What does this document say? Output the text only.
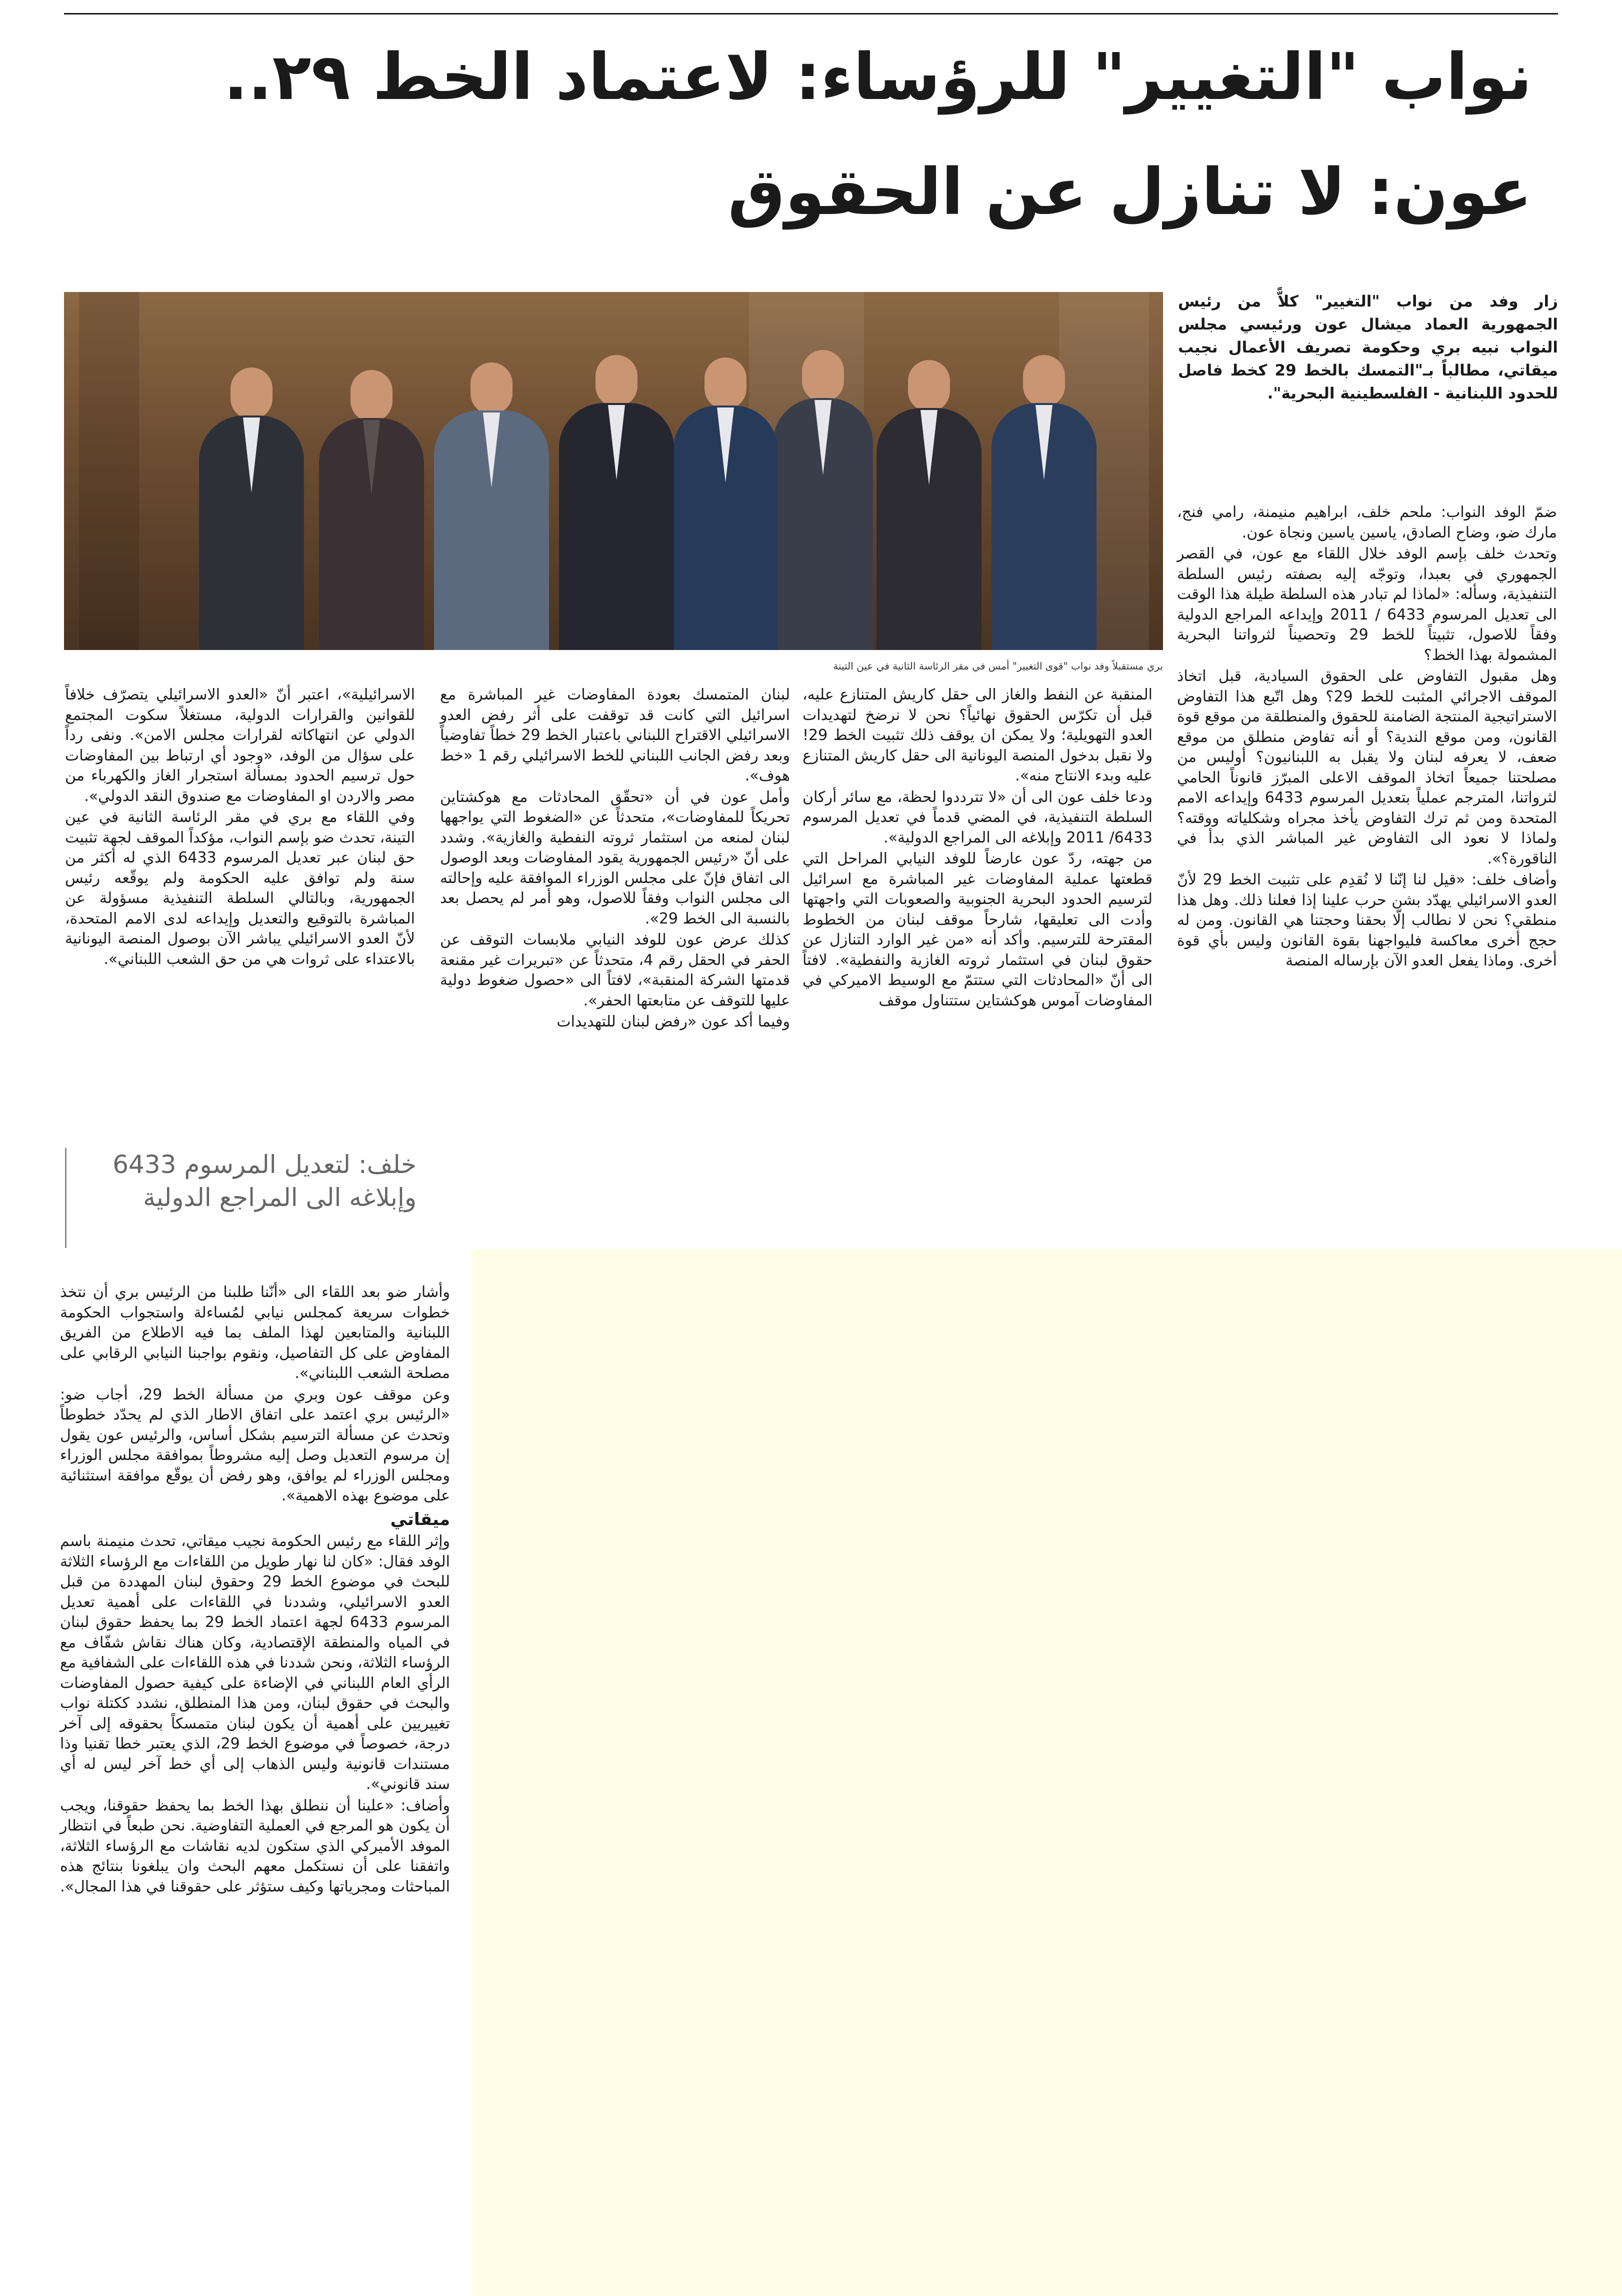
نواب "التغيير" للرؤساء: لاعتماد الخط ٢٩..
عون: لا تنازل عن الحقوق
زار وفد من نواب "التغيير" كلاًّ من رئيس الجمهورية العماد ميشال عون ورئيسي مجلس النواب نبيه بري وحكومة تصريف الأعمال نجيب ميقاتي، مطالباً بـ"التمسك بالخط 29 كخط فاصل للحدود اللبنانية - الفلسطينية البحرية".
بري مستقبلاً وفد نواب "قوى التغيير" أمس في مقر الرئاسة الثانية في عين التينة

ضمّ الوفد النواب: ملحم خلف، ابراهيم منيمنة، رامي فنج، مارك ضو، وضاح الصادق، ياسين ياسين ونجاة عون.

وتحدث خلف بإسم الوفد خلال اللقاء مع عون، في القصر الجمهوري في بعبدا، وتوجّه إليه بصفته رئيس السلطة التنفيذية، وسأله: «لماذا لم تبادر هذه السلطة طيلة هذا الوقت الى تعديل المرسوم 6433 / 2011 وإيداعه المراجع الدولية وفقاً للاصول، تثبيتاً للخط 29 وتحصيناً لثرواتنا البحرية المشمولة بهذا الخط؟

وهل مقبول التفاوض على الحقوق السيادية، قبل اتخاذ الموقف الاجرائي المثبت للخط 29؟ وهل اتّبع هذا التفاوض الاستراتيجية المنتجة الضامنة للحقوق والمنطلقة من موقع قوة القانون، ومن موقع الندية؟ أو أنه تفاوض منطلق من موقع ضعف، لا يعرفه لبنان ولا يقبل به اللبنانيون؟ أوليس من مصلحتنا جميعاً اتخاذ الموقف الاعلى المبرّز قانوناً الحامي لثرواتنا، المترجم عملياً بتعديل المرسوم 6433 وإيداعه الامم المتحدة ومن ثم ترك التفاوض يأخذ مجراه وشكلياته ووقته؟ ولماذا لا نعود الى التفاوض غير المباشر الذي بدأ في الناقورة؟».

وأضاف خلف: «قيل لنا إنّنا لا نُقدِم على تثبيت الخط 29 لأنّ العدو الاسرائيلي يهدّد بشن حرب علينا إذا فعلنا ذلك. وهل هذا منطقي؟ نحن لا نطالب إلّا بحقنا وحجتنا هي القانون. ومن له حجج أخرى معاكسة فليواجهنا بقوة القانون وليس بأي قوة أخرى. وماذا يفعل العدو الآن بإرساله المنصة

المنقبة عن النفط والغاز الى حقل كاريش المتنازع عليه، قبل أن تكرّس الحقوق نهائياً؟ نحن لا نرضخ لتهديدات العدو التهويلية؛ ولا يمكن ان يوقف ذلك تثبيت الخط 29! ولا نقبل بدخول المنصة اليونانية الى حقل كاريش المتنازع عليه وبدء الانتاج منه».

ودعا خلف عون الى أن «لا تترددوا لحظة، مع سائر أركان السلطة التنفيذية، في المضي قدماً في تعديل المرسوم 6433/ 2011 وإبلاغه الى المراجع الدولية».

من جهته، ردّ عون عارضاً للوفد النيابي المراحل التي قطعتها عملية المفاوضات غير المباشرة مع اسرائيل لترسيم الحدود البحرية الجنوبية والصعوبات التي واجهتها وأدت الى تعليقها، شارحاً موقف لبنان من الخطوط المقترحة للترسيم. وأكد أنه «من غير الوارد التنازل عن حقوق لبنان في استثمار ثروته الغازية والنفطية». لافتاً الى أنّ «المحادثات التي ستتمّ مع الوسيط الاميركي في المفاوضات آموس هوكشتاين ستتناول موقف

لبنان المتمسك بعودة المفاوضات غير المباشرة مع اسرائيل التي كانت قد توقفت على أثر رفض العدو الاسرائيلي الاقتراح اللبناني باعتبار الخط 29 خطاً تفاوضياً وبعد رفض الجانب اللبناني للخط الاسرائيلي رقم 1 «خط هوف».

وأمل عون في أن «تحقّق المحادثات مع هوكشتاين تحريكاً للمفاوضات»، متحدثاً عن «الضغوط التي يواجهها لبنان لمنعه من استثمار ثروته النفطية والغازية». وشدد على أنّ «رئيس الجمهورية يقود المفاوضات وبعد الوصول الى اتفاق فإنّ على مجلس الوزراء الموافقة عليه وإحالته الى مجلس النواب وفقاً للاصول، وهو أمر لم يحصل بعد بالنسبة الى الخط 29».

كذلك عرض عون للوفد النيابي ملابسات التوقف عن الحفر في الحقل رقم 4، متحدثاً عن «تبريرات غير مقنعة قدمتها الشركة المنقبة»، لافتاً الى «حصول ضغوط دولية عليها للتوقف عن متابعتها الحفر».

وفيما أكد عون «رفض لبنان للتهديدات

الاسرائيلية»، اعتبر أنّ «العدو الاسرائيلي يتصرّف خلافاً للقوانين والقرارات الدولية، مستغلاً سكوت المجتمع الدولي عن انتهاكاته لقرارات مجلس الامن». ونفى رداً على سؤال من الوفد، «وجود أي ارتباط بين المفاوضات حول ترسيم الحدود بمسألة استجرار الغاز والكهرباء من مصر والاردن او المفاوضات مع صندوق النقد الدولي».

وفي اللقاء مع بري في مقر الرئاسة الثانية في عين التينة، تحدث ضو بإسم النواب، مؤكداً الموقف لجهة تثبيت حق لبنان عبر تعديل المرسوم 6433 الذي له أكثر من سنة ولم توافق عليه الحكومة ولم يوقّعه رئيس الجمهورية، وبالتالي السلطة التنفيذية مسؤولة عن المباشرة بالتوقيع والتعديل وإيداعه لدى الامم المتحدة، لأنّ العدو الاسرائيلي يباشر الآن بوصول المنصة اليونانية بالاعتداء على ثروات هي من حق الشعب اللبناني».

خلف: لتعديل المرسوم 6433 وإبلاغه الى المراجع الدولية

وأشار ضو بعد اللقاء الى «أنّنا طلبنا من الرئيس بري أن نتخذ خطوات سريعة كمجلس نيابي لمُساءلة واستجواب الحكومة اللبنانية والمتابعين لهذا الملف بما فيه الاطلاع من الفريق المفاوض على كل التفاصيل، ونقوم بواجبنا النيابي الرقابي على مصلحة الشعب اللبناني».

وعن موقف عون وبري من مسألة الخط 29، أجاب ضو: «الرئيس بري اعتمد على اتفاق الاطار الذي لم يحدّد خطوطاً وتحدث عن مسألة الترسيم بشكل أساس، والرئيس عون يقول إن مرسوم التعديل وصل إليه مشروطاً بموافقة مجلس الوزراء ومجلس الوزراء لم يوافق، وهو رفض أن يوقّع موافقة استثنائية على موضوع بهذه الاهمية».

ميقاتي

وإثر اللقاء مع رئيس الحكومة نجيب ميقاتي، تحدث منيمنة باسم الوفد فقال: «كان لنا نهار طويل من اللقاءات مع الرؤساء الثلاثة للبحث في موضوع الخط 29 وحقوق لبنان المهددة من قبل العدو الاسرائيلي، وشددنا في اللقاءات على أهمية تعديل المرسوم 6433 لجهة اعتماد الخط 29 بما يحفظ حقوق لبنان في المياه والمنطقة الإقتصادية، وكان هناك نقاش شفّاف مع الرؤساء الثلاثة، ونحن شددنا في هذه اللقاءات على الشفافية مع الرأي العام اللبناني في الإضاءة على كيفية حصول المفاوضات والبحث في حقوق لبنان، ومن هذا المنطلق، نشدد ككتلة نواب تغييريين على أهمية أن يكون لبنان متمسكاً بحقوقه إلى آخر درجة، خصوصاً في موضوع الخط 29، الذي يعتبر خطا تقنيا وذا مستندات قانونية وليس الذهاب إلى أي خط آخر ليس له أي سند قانوني».

وأضاف: «علينا أن ننطلق بهذا الخط بما يحفظ حقوقنا، ويجب أن يكون هو المرجع في العملية التفاوضية. نحن طبعاً في انتظار الموفد الأميركي الذي ستكون لديه نقاشات مع الرؤساء الثلاثة، واتفقنا على أن نستكمل معهم البحث وان يبلغونا بنتائج هذه المباحثات ومجرياتها وكيف ستؤثر على حقوقنا في هذا المجال».
